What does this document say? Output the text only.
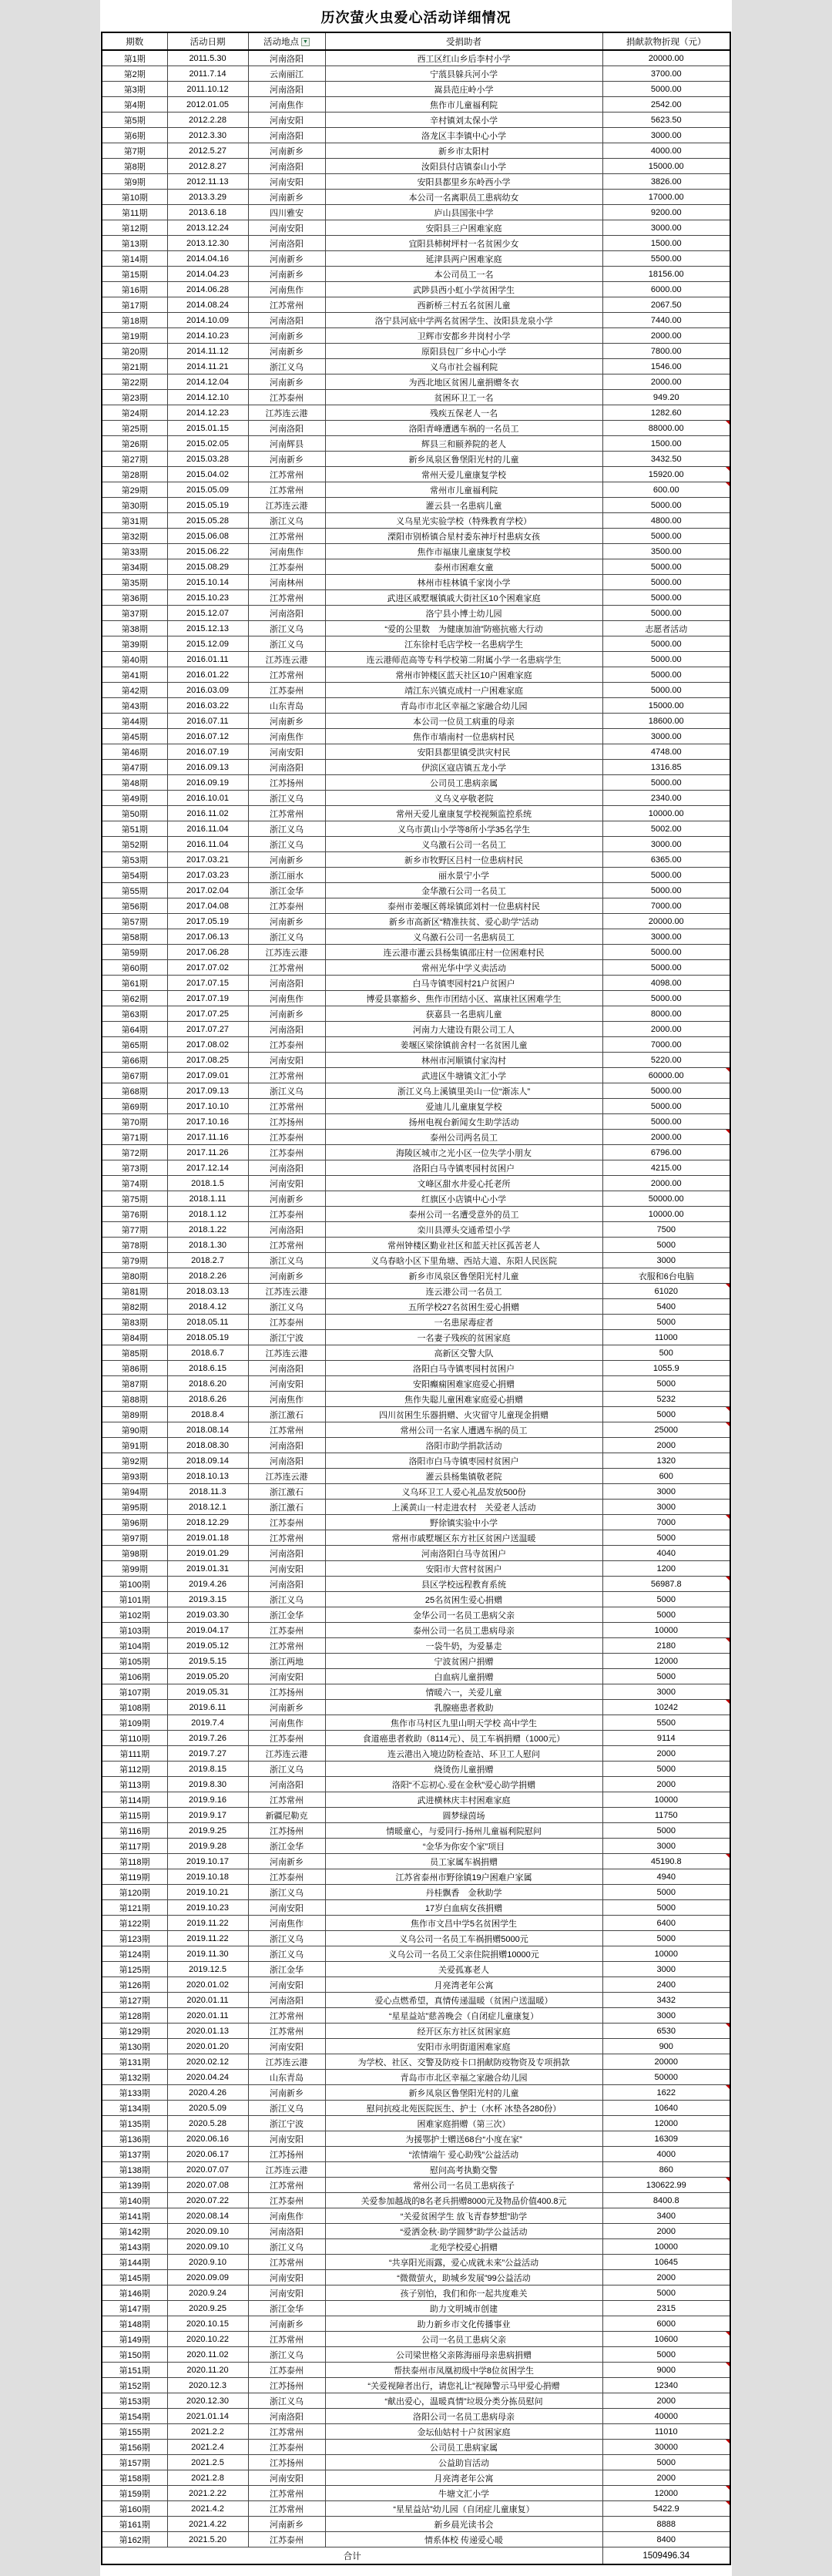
历次萤火虫爱心活动详细情况
期数	活动日期	活动地点 ▼	受捐助者	捐献款物折现（元）
第1期	2011.5.30	河南洛阳	西工区红山乡后李村小学	20000.00
第2期	2011.7.14	云南丽江	宁蒗县躲兵河小学	3700.00
第3期	2011.10.12	河南洛阳	嵩县范庄岭小学	5000.00
第4期	2012.01.05	河南焦作	焦作市儿童福利院	2542.00
第5期	2012.2.28	河南安阳	辛村镇刘太保小学	5623.50
第6期	2012.3.30	河南洛阳	洛龙区丰李镇中心小学	3000.00
第7期	2012.5.27	河南新乡	新乡市太阳村	4000.00
第8期	2012.8.27	河南洛阳	汝阳县付店镇泰山小学	15000.00
第9期	2012.11.13	河南安阳	安阳县都里乡东岭西小学	3826.00
第10期	2013.3.29	河南新乡	本公司一名离职员工患病幼女	17000.00
第11期	2013.6.18	四川雅安	庐山县国张中学	9200.00
第12期	2013.12.24	河南安阳	安阳县三户困难家庭	3000.00
第13期	2013.12.30	河南洛阳	宜阳县柿树坪村一名贫困少女	1500.00
第14期	2014.04.16	河南新乡	延津县两户困难家庭	5500.00
第15期	2014.04.23	河南新乡	本公司员工一名	18156.00
第16期	2014.06.28	河南焦作	武陟县西小虹小学贫困学生	6000.00
第17期	2014.08.24	江苏常州	西新桥三村五名贫困儿童	2067.50
第18期	2014.10.09	河南洛阳	洛宁县河底中学两名贫困学生、汝阳县龙泉小学	7440.00
第19期	2014.10.23	河南新乡	卫辉市安都乡井岗村小学	2000.00
第20期	2014.11.12	河南新乡	原阳县包厂乡中心小学	7800.00
第21期	2014.11.21	浙江义乌	义乌市社会福利院	1546.00
第22期	2014.12.04	河南新乡	为西北地区贫困儿童捐赠冬衣	2000.00
第23期	2014.12.10	江苏泰州	贫困环卫工一名	949.20
第24期	2014.12.23	江苏连云港	残疾五保老人一名	1282.60
第25期	2015.01.15	河南洛阳	洛阳青峰遭遇车祸的一名员工	88000.00

第26期	2015.02.05	河南辉县	辉县三和颐养院的老人	1500.00
第27期	2015.03.28	河南新乡	新乡凤泉区鲁堡阳光村的儿童	3432.50
第28期	2015.04.02	江苏常州	常州天爱儿童康复学校	15920.00

第29期	2015.05.09	江苏常州	常州市儿童福利院	600.00

第30期	2015.05.19	江苏连云港	灌云县一名患病儿童	5000.00
第31期	2015.05.28	浙江义乌	义乌星光实验学校（特殊教育学校）	4800.00
第32期	2015.06.08	江苏常州	溧阳市别桥镇合星村委东神圩村患病女孩	5000.00
第33期	2015.06.22	河南焦作	焦作市福康儿童康复学校	3500.00
第34期	2015.08.29	江苏泰州	泰州市困难女童	5000.00
第35期	2015.10.14	河南林州	林州市桂林镇千家岗小学	5000.00
第36期	2015.10.23	江苏常州	武进区戚墅堰镇戚大街社区10个困难家庭	5000.00
第37期	2015.12.07	河南洛阳	洛宁县小博士幼儿园	5000.00
第38期	2015.12.13	浙江义乌	“爱的公里数　为健康加油”防癌抗癌大行动	志愿者活动
第39期	2015.12.09	浙江义乌	江东徐村毛店学校一名患病学生	5000.00
第40期	2016.01.11	江苏连云港	连云港师范高等专科学校第二附属小学一名患病学生	5000.00
第41期	2016.01.22	江苏常州	常州市钟楼区蓝天社区10户困难家庭	5000.00
第42期	2016.03.09	江苏泰州	靖江东兴镇克成村一户困难家庭	5000.00
第43期	2016.03.22	山东青岛	青岛市市北区幸福之家融合幼儿园	15000.00
第44期	2016.07.11	河南新乡	本公司一位员工病重的母亲	18600.00
第45期	2016.07.12	河南焦作	焦作市墙南村一位患病村民	3000.00
第46期	2016.07.19	河南安阳	安阳县都里镇受洪灾村民	4748.00
第47期	2016.09.13	河南洛阳	伊滨区寇店镇五龙小学	1316.85
第48期	2016.09.19	江苏扬州	公司员工患病亲属	5000.00
第49期	2016.10.01	浙江义乌	义乌义亭敬老院	2340.00
第50期	2016.11.02	江苏常州	常州天爱儿童康复学校视频监控系统	10000.00
第51期	2016.11.04	浙江义乌	义乌市黄山小学等8所小学35名学生	5002.00
第52期	2016.11.04	浙江义乌	义乌激石公司一名员工	3000.00
第53期	2017.03.21	河南新乡	新乡市牧野区吕村一位患病村民	6365.00
第54期	2017.03.23	浙江丽水	丽水景宁小学	5000.00
第55期	2017.02.04	浙江金华	金华激石公司一名员工	5000.00
第56期	2017.04.08	江苏泰州	泰州市姜堰区蒋垛镇邱刘村一位患病村民	7000.00
第57期	2017.05.19	河南新乡	新乡市高新区“精准扶贫、爱心助学”活动	20000.00
第58期	2017.06.13	浙江义乌	义乌激石公司一名患病员工	3000.00
第59期	2017.06.28	江苏连云港	连云港市灌云县杨集镇邵庄村一位困难村民	5000.00
第60期	2017.07.02	江苏常州	常州光华中学义卖活动	5000.00
第61期	2017.07.15	河南洛阳	白马寺镇枣园村21户贫困户	4098.00
第62期	2017.07.19	河南焦作	博爱县寨豁乡、焦作市团结小区、富康社区困难学生	5000.00
第63期	2017.07.25	河南新乡	获嘉县一名患病儿童	8000.00
第64期	2017.07.27	河南洛阳	河南力大建设有限公司工人	2000.00
第65期	2017.08.02	江苏泰州	姜堰区梁徐镇前舍村一名贫困儿童	7000.00
第66期	2017.08.25	河南安阳	林州市河顺镇付家沟村	5220.00
第67期	2017.09.01	江苏常州	武进区牛塘镇文汇小学	60000.00

第68期	2017.09.13	浙江义乌	浙江义乌上溪镇里美山一位“渐冻人”	5000.00
第69期	2017.10.10	江苏常州	爱迪儿儿童康复学校	5000.00
第70期	2017.10.16	江苏扬州	扬州电视台新闻女生助学活动	5000.00
第71期	2017.11.16	江苏泰州	泰州公司两名员工	2000.00

第72期	2017.11.26	江苏泰州	海陵区城市之光小区一位失学小朋友	6796.00
第73期	2017.12.14	河南洛阳	洛阳白马寺镇枣园村贫困户	4215.00
第74期	2018.1.5	河南安阳	文峰区甜水井爱心托老所	2000.00
第75期	2018.1.11	河南新乡	红旗区小店镇中心小学	50000.00
第76期	2018.1.12	江苏泰州	泰州公司一名遭受意外的员工	10000.00
第77期	2018.1.22	河南洛阳	栾川县潭头交通希望小学	7500
第78期	2018.1.30	江苏常州	常州钟楼区勤业社区和蓝天社区孤苦老人	5000
第79期	2018.2.7	浙江义乌	义乌春晗小区下里角塘、西站大道、东阳人民医院	3000
第80期	2018.2.26	河南新乡	新乡市凤泉区鲁堡阳光村儿童	衣服和6台电脑
第81期	2018.03.13	江苏连云港	连云港公司一名员工	61020

第82期	2018.4.12	浙江义乌	五所学校27名贫困生爱心捐赠	5400
第83期	2018.05.11	江苏泰州	一名患尿毒症者	5000
第84期	2018.05.19	浙江宁波	一名妻子残疾的贫困家庭	11000
第85期	2018.6.7	江苏连云港	高新区交警大队	500
第86期	2018.6.15	河南洛阳	洛阳白马寺镇枣园村贫困户	1055.9
第87期	2018.6.20	河南安阳	安阳癫痫困难家庭爱心捐赠	5000
第88期	2018.6.26	河南焦作	焦作失聪儿童困难家庭爱心捐赠	5232
第89期	2018.8.4	浙江激石	四川贫困生乐器捐赠、火灾留守儿童现金捐赠	5000

第90期	2018.08.14	江苏常州	常州公司一名家人遭遇车祸的员工	25000

第91期	2018.08.30	河南洛阳	洛阳市助学捐款活动	2000
第92期	2018.09.14	河南洛阳	洛阳市白马寺镇枣园村贫困户	1320
第93期	2018.10.13	江苏连云港	灌云县杨集镇敬老院	600
第94期	2018.11.3	浙江激石	义乌环卫工人爱心礼品发放500份	3000
第95期	2018.12.1	浙江激石	上溪黄山一村走进农村　关爱老人活动	3000
第96期	2018.12.29	江苏泰州	野徐镇实验中小学	7000

第97期	2019.01.18	江苏常州	常州市戚墅堰区东方社区贫困户送温暖	5000
第98期	2019.01.29	河南洛阳	河南洛阳白马寺贫困户	4040
第99期	2019.01.31	河南安阳	安阳市大营村贫困户	1200
第100期	2019.4.26	河南洛阳	县区学校远程教育系统	56987.8

第101期	2019.3.15	浙江义乌	25名贫困生爱心捐赠	5000
第102期	2019.03.30	浙江金华	金华公司一名员工患病父亲	5000
第103期	2019.04.17	江苏泰州	泰州公司一名员工患病母亲	10000
第104期	2019.05.12	江苏常州	一袋牛奶，为爱暴走	2180

第105期	2019.5.15	浙江两地	宁波贫困户捐赠	12000
第106期	2019.05.20	河南安阳	白血病儿童捐赠	5000
第107期	2019.05.31	江苏扬州	情暖六一，关爱儿童	3000
第108期	2019.6.11	河南新乡	乳腺癌患者救助	10242

第109期	2019.7.4	河南焦作	焦作市马村区九里山明天学校 高中学生	5500
第110期	2019.7.26	江苏泰州	食道癌患者救助（8114元）、员工车祸捐赠（1000元）	9114
第111期	2019.7.27	江苏连云港	连云港出入境边防检查站、环卫工人慰问	2000
第112期	2019.8.15	浙江义乌	烧烫伤儿童捐赠	5000
第113期	2019.8.30	河南洛阳	洛阳“不忘初心.爱在金秋”爱心助学捐赠	2000
第114期	2019.9.16	江苏常州	武进横林庆丰村困难家庭	10000
第115期	2019.9.17	新疆尼勒克	圆梦绿茵场	11750
第116期	2019.9.25	江苏扬州	情暖童心，与爱同行-扬州儿童福利院慰问	5000
第117期	2019.9.28	浙江金华	“金华为你安个家”项目	3000
第118期	2019.10.17	河南新乡	员工家属车祸捐赠	45190.8

第119期	2019.10.18	江苏泰州	江苏省泰州市野徐镇19户困难户家属	4940
第120期	2019.10.21	浙江义乌	丹桂飘香　金秋助学	5000
第121期	2019.10.23	河南安阳	17岁白血病女孩捐赠	5000
第122期	2019.11.22	河南焦作	焦作市文昌中学5名贫困学生	6400
第123期	2019.11.22	浙江义乌	义乌公司一名员工车祸捐赠5000元	5000
第124期	2019.11.30	浙江义乌	义乌公司一名员工父亲住院捐赠10000元	10000
第125期	2019.12.5	浙江金华	关爱孤寡老人	3000
第126期	2020.01.02	河南安阳	月亮湾老年公寓	2400
第127期	2020.01.11	河南洛阳	爱心点燃希望，真情传递温暖（贫困户送温暖）	3432
第128期	2020.01.11	江苏常州	“星星益站”慈善晚会（自闭症儿童康复）	3000
第129期	2020.01.13	江苏常州	经开区东方社区贫困家庭	6530

第130期	2020.01.20	河南安阳	安阳市永明街道困难家庭	900
第131期	2020.02.12	江苏连云港	为学校、社区、交警及防疫卡口捐献防疫物资及专项捐款	20000
第132期	2020.04.24	山东青岛	青岛市市北区幸福之家融合幼儿园	50000
第133期	2020.4.26	河南新乡	新乡凤泉区鲁堡阳光村的儿童	1622

第134期	2020.5.09	浙江义乌	慰问抗疫北苑医院医生、护士（水杯 冰垫各280份）	10640
第135期	2020.5.28	浙江宁波	困难家庭捐赠（第三次）	12000
第136期	2020.06.16	河南安阳	为援鄂护士赠送68台“小度在家”	16309
第137期	2020.06.17	江苏扬州	“浓情端午 爱心助残”公益活动	4000
第138期	2020.07.07	江苏连云港	慰问高考执勤交警	860
第139期	2020.07.08	江苏常州	常州公司一名员工患病孩子	130622.99

第140期	2020.07.22	江苏泰州	关爱参加越战的8名老兵捐赠8000元及物品价值400.8元	8400.8
第141期	2020.08.14	河南焦作	“关爱贫困学生 放飞青春梦想”助学	3400
第142期	2020.09.10	河南洛阳	“爱洒金秋·助学圆梦”助学公益活动	2000
第143期	2020.09.10	浙江义乌	北苑学校爱心捐赠	10000
第144期	2020.9.10	江苏常州	“共享阳光雨露，爱心成就未来”公益活动	10645
第145期	2020.09.09	河南安阳	“微微萤火，助城乡发展”99公益活动	2000
第146期	2020.9.24	河南安阳	孩子别怕，我们和你一起共度难关	5000
第147期	2020.9.25	浙江金华	助力文明城市创建	2315
第148期	2020.10.15	河南新乡	助力新乡市文化传播事业	6000
第149期	2020.10.22	江苏常州	公司一名员工患病父亲	10600

第150期	2020.11.02	浙江义乌	公司梁世格父亲陈海丽母亲患病捐赠	5000
第151期	2020.11.20	江苏泰州	帮扶泰州市凤凰初级中学8位贫困学生	9000

第152期	2020.12.3	江苏扬州	“关爱视障者出行，请您礼让”视障警示马甲爱心捐赠	12340
第153期	2020.12.30	浙江义乌	“献出爱心，温暖真情”垃圾分类分拣员慰问	2000
第154期	2021.01.14	河南洛阳	洛阳公司一名员工患病母亲	40000
第155期	2021.2.2	江苏常州	金坛仙姑村十户贫困家庭	11010
第156期	2021.2.4	江苏泰州	公司员工患病家属	30000

第157期	2021.2.5	江苏扬州	公益助盲活动	5000
第158期	2021.2.8	河南安阳	月亮湾老年公寓	2000
第159期	2021.2.22	江苏常州	牛塘文汇小学	12000

第160期	2021.4.2	江苏常州	“星星益站”幼儿园（自闭症儿童康复）	5422.9

第161期	2021.4.22	河南新乡	新乡晨光读书会	8888
第162期	2021.5.20	江苏泰州	情系体校 传递爱心暖	8400
合计				1509496.34
